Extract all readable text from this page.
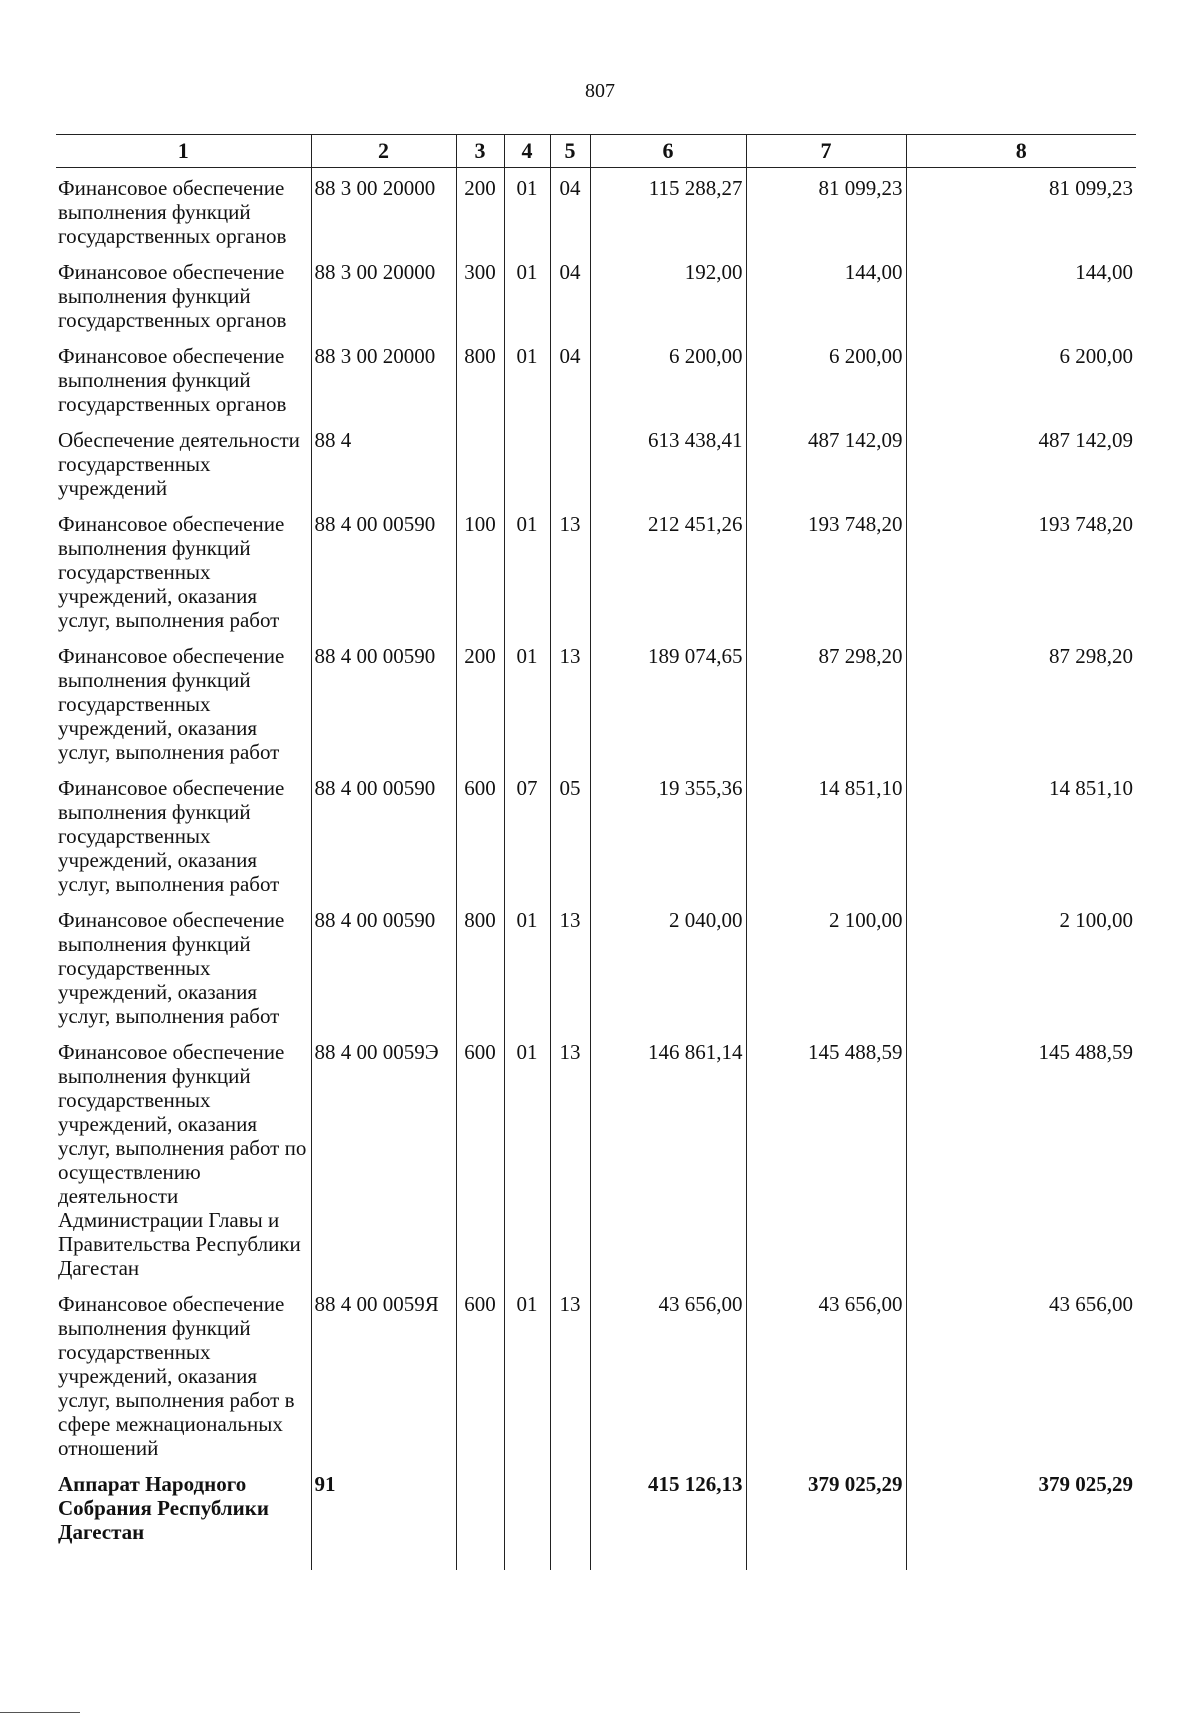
807
1	2	3	4	5	6	7	8
Финансовое обеспечение выполнения функций государственных органов	88 3 00 20000	200	01	04	115 288,27	81 099,23	81 099,23
Финансовое обеспечение выполнения функций государственных органов	88 3 00 20000	300	01	04	192,00	144,00	144,00
Финансовое обеспечение выполнения функций государственных органов	88 3 00 20000	800	01	04	6 200,00	6 200,00	6 200,00
Обеспечение деятельности государственных учреждений	88 4				613 438,41	487 142,09	487 142,09
Финансовое обеспечение выполнения функций государственных учреждений, оказания услуг, выполнения работ	88 4 00 00590	100	01	13	212 451,26	193 748,20	193 748,20
Финансовое обеспечение выполнения функций государственных учреждений, оказания услуг, выполнения работ	88 4 00 00590	200	01	13	189 074,65	87 298,20	87 298,20
Финансовое обеспечение выполнения функций государственных учреждений, оказания услуг, выполнения работ	88 4 00 00590	600	07	05	19 355,36	14 851,10	14 851,10
Финансовое обеспечение выполнения функций государственных учреждений, оказания услуг, выполнения работ	88 4 00 00590	800	01	13	2 040,00	2 100,00	2 100,00
Финансовое обеспечение выполнения функций государственных учреждений, оказания услуг, выполнения работ по осуществлению деятельности Администрации Главы и Правительства Республики Дагестан	88 4 00 0059Э	600	01	13	146 861,14	145 488,59	145 488,59
Финансовое обеспечение выполнения функций государственных учреждений, оказания услуг, выполнения работ в сфере межнациональных отношений	88 4 00 0059Я	600	01	13	43 656,00	43 656,00	43 656,00
Аппарат Народного Собрания Республики Дагестан	91				415 126,13	379 025,29	379 025,29
